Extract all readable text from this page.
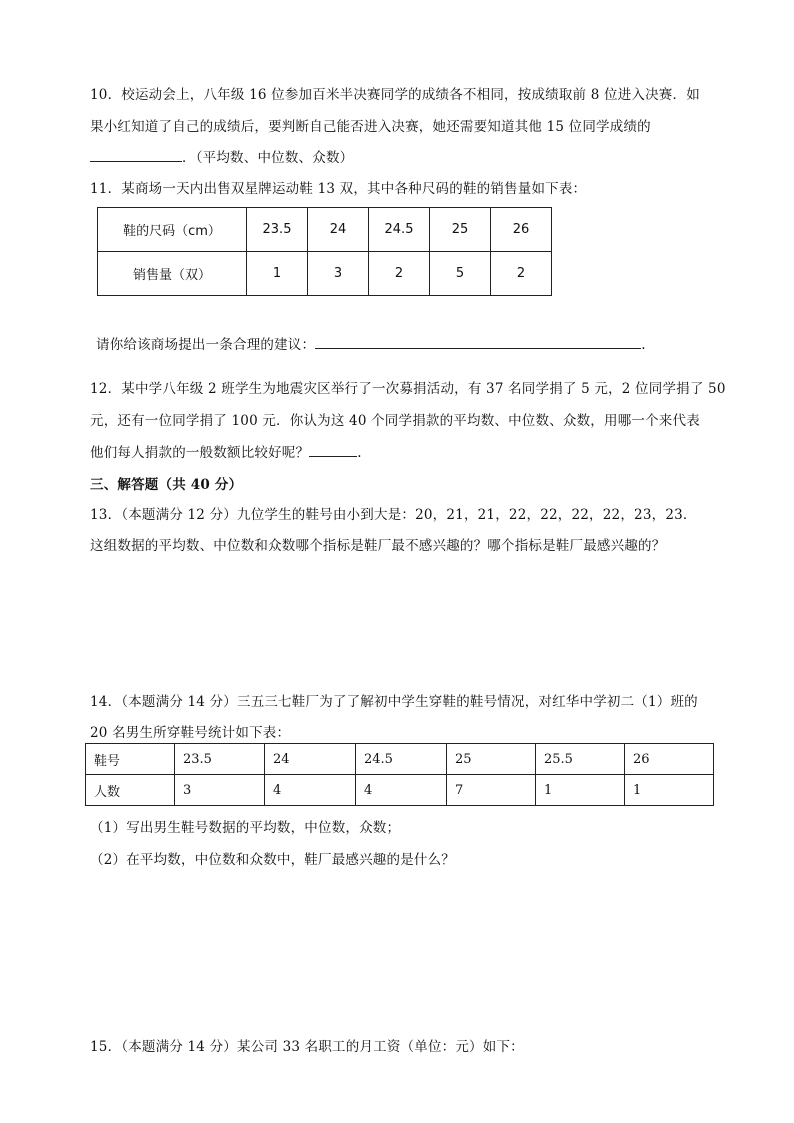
10．校运动会上，八年级 16 位参加百米半决赛同学的成绩各不相同，按成绩取前 8 位进入决赛．如
果小红知道了自己的成绩后，要判断自己能否进入决赛，她还需要知道其他 15 位同学成绩的
．（平均数、中位数、众数）
11．某商场一天内出售双星牌运动鞋 13 双，其中各种尺码的鞋的销售量如下表：
鞋的尺码（cm）	23.5	24	24.5	25	26
销售量（双）	1	3	2	5	2
请你给该商场提出一条合理的建议：	.
12．某中学八年级 2 班学生为地震灾区举行了一次募捐活动，有 37 名同学捐了 5 元，2 位同学捐了 50
元，还有一位同学捐了 100 元．你认为这 40 个同学捐款的平均数、中位数、众数，用哪一个来代表
他们每人捐款的一般数额比较好呢？	.
三、解答题（共 40 分）
13．（本题满分 12 分）九位学生的鞋号由小到大是：20，21，21，22，22，22，22，23，23．
这组数据的平均数、中位数和众数哪个指标是鞋厂最不感兴趣的？哪个指标是鞋厂最感兴趣的？
14．（本题满分 14 分）三五三七鞋厂为了了解初中学生穿鞋的鞋号情况，对红华中学初二（1）班的
20 名男生所穿鞋号统计如下表：
鞋号	23.5	24	24.5	25	25.5	26
人数	3	4	4	7	1	1
（1）写出男生鞋号数据的平均数，中位数，众数；
（2）在平均数，中位数和众数中，鞋厂最感兴趣的是什么？
15．（本题满分 14 分）某公司 33 名职工的月工资（单位：元）如下：
